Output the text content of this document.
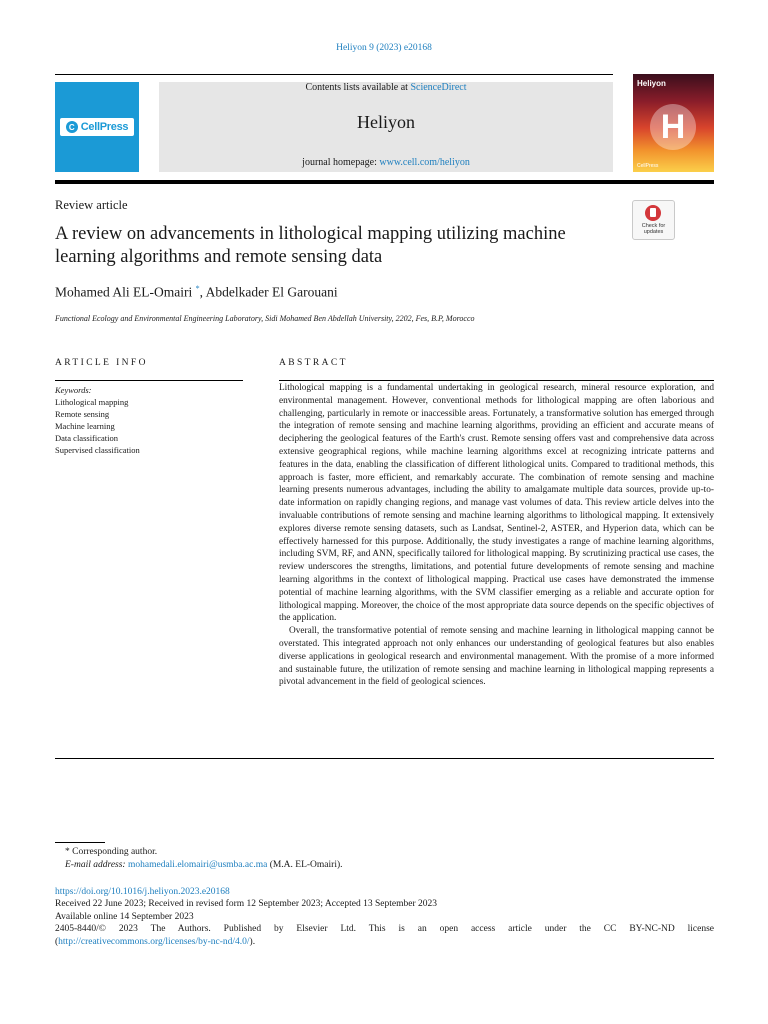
Heliyon 9 (2023) e20168
C CellPress
Contents lists available at ScienceDirect
Heliyon
journal homepage: www.cell.com/heliyon
Heliyon
H
CellPress
Review article
A review on advancements in lithological mapping utilizing machine learning algorithms and remote sensing data
Check for updates
Mohamed Ali EL-Omairi *, Abdelkader El Garouani
Functional Ecology and Environmental Engineering Laboratory, Sidi Mohamed Ben Abdellah University, 2202, Fes, B.P, Morocco
ARTICLE INFO	ABSTRACT
Keywords:
Lithological mapping
Remote sensing
Machine learning
Data classification
Supervised classification

Lithological mapping is a fundamental undertaking in geological research, mineral resource exploration, and environmental management. However, conventional methods for lithological mapping are often laborious and challenging, particularly in remote or inaccessible areas. Fortunately, a transformative solution has emerged through the integration of remote sensing and machine learning algorithms, providing an efficient and accurate means of deciphering the geological features of the Earth's crust. Remote sensing offers vast and comprehensive data across extensive geographical regions, while machine learning algorithms excel at recognizing intricate patterns and features in the data, enabling the classification of different lithological units. Compared to traditional methods, this approach is faster, more efficient, and remarkably accurate. The combination of remote sensing and machine learning presents numerous advantages, including the ability to amalgamate multiple data sources, provide up-to-date information on rapidly changing regions, and manage vast volumes of data. This review article delves into the invaluable contributions of remote sensing and machine learning algorithms to lithological mapping. It extensively explores diverse remote sensing datasets, such as Landsat, Sentinel-2, ASTER, and Hyperion data, which can be effectively harnessed for this purpose. Additionally, the study investigates a range of machine learning algorithms, including SVM, RF, and ANN, specifically tailored for lithological mapping. By scrutinizing practical use cases, the review underscores the strengths, limitations, and potential future developments of remote sensing and machine learning algorithms in the context of lithological mapping. Practical use cases have demonstrated the immense potential of machine learning algorithms, with the SVM classifier emerging as a reliable and accurate option for lithological mapping. Moreover, the choice of the most appropriate data source depends on the specific objectives of the application.

Overall, the transformative potential of remote sensing and machine learning in lithological mapping cannot be overstated. This integrated approach not only enhances our understanding of geological features but also enables diverse applications in geological research and environmental management. With the promise of a more informed and sustainable future, the utilization of remote sensing and machine learning in lithological mapping represents a pivotal advancement in the field of geological sciences.

* Corresponding author.
E-mail address: mohamedali.elomairi@usmba.ac.ma (M.A. EL-Omairi).
https://doi.org/10.1016/j.heliyon.2023.e20168
Received 22 June 2023; Received in revised form 12 September 2023; Accepted 13 September 2023
Available online 14 September 2023
2405-8440/© 2023 The Authors. Published by Elsevier Ltd. This is an open access article under the CC BY-NC-ND license
(http://creativecommons.org/licenses/by-nc-nd/4.0/).
